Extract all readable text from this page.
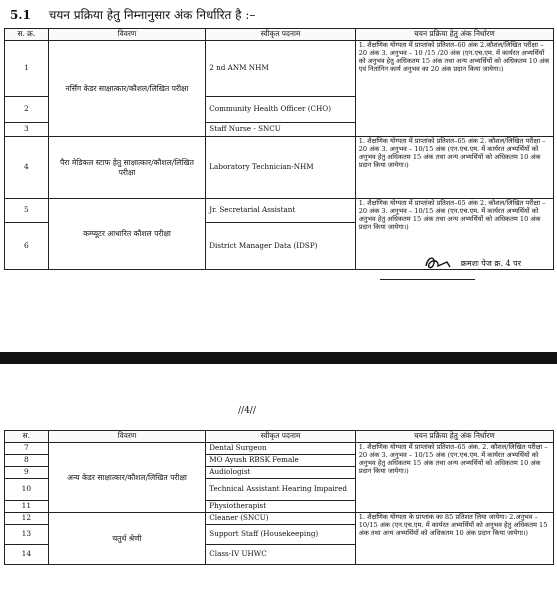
5.1 चयन प्रक्रिया हेतु निम्नानुसार अंक निर्धारित है :–
स. क्र.	विवरण	स्वीकृत पदनाम	चयन प्रक्रिया हेतु अंक निर्धारण
1	नर्सिंग केडर साक्षात्कार/कौशल/लिखित परीक्षा	2 nd ANM NHM	1. शैक्षणिक योग्यता में प्राप्तांको प्रतिशत–60 अंक 2.कौशल/लिखित परीक्षा – 20 अंक 3. अनुभव – 10 /15 /20 अंक (एन.एच.एम. में कार्यरत अभ्यर्थियों को अनुभव हेतु अधिकतम 15 अंक तथा अन्य अभ्यर्थियों को अधिकतम 10 अंक एवं नितांनिन कार्य अनुभव का 20 अंक प्रदान किया जायेगा।)
2		Community Health Officer (CHO)	
3		Staff Nurse - SNCU	
4	पैरा मेडिकल स्टाफ हेतु साक्षात्कार/कौशल/लिखित परीक्षा	Laboratory Technician-NHM	1. शैक्षणिक योग्यता में प्राप्तांको प्रतिशत–65 अंक 2. कौशल/लिखित परीक्षा – 20 अंक 3. अनुभव – 10/15 अंक (एन.एच.एम. में कार्यरत अभ्यर्थियों को अनुभव हेतु अधिकतम 15 अंक तथा अन्य अभ्यर्थियों को अधिकतम 10 अंक प्रदान किया जायेगा।)
5	कम्प्यूटर आधारित कौशल परीक्षा	Jr. Secretarial Assistant	1. शैक्षणिक योग्यता में प्राप्तांको प्रतिशत–65 अंक 2. कौशल/लिखित परीक्षा – 20 अंक 3. अनुभव – 10/15 अंक (एन.एच.एम. में कार्यरत अभ्यर्थियों को अनुभव हेतु अधिकतम 15 अंक तथा अन्य अभ्यर्थियों को अधिकतम 10 अंक प्रदान किया जायेगा।)
6		District Manager Data (IDSP)	
क्रमशः पेज क्र. 4 पर
//4//
स.	विवरण	स्वीकृत पदनाम	चयन प्रक्रिया हेतु अंक निर्धारण
7	अन्य केडर साक्षात्कार/कौशल/लिखित परीक्षा	Dental Surgeon	1. शैक्षणिक योग्यता में प्राप्तांको प्रतिशत–65 अंक. 2. कौशल/लिखित परीक्षा – 20 अंक 3. अनुभव – 10/15 अंक (एन.एच.एम. में कार्यरत अभ्यर्थियों को अनुभव हेतु अधिकतम 15 अंक तथा अन्य अभ्यर्थियों को अधिकतम 10 अंक प्रदान किया जायेगा।)
8		MO Ayush RBSK Female	
9		Audiologist	
10		Technical Assistant Hearing Impaired	
11		Physiotherapist	
12	चतुर्थ श्रेणी	Cleaner (SNCU)	1. शैक्षणिक योग्यता के प्राप्तांक का 85 प्रतिशत लिया जायेगा। 2.अनुभव – 10/15 अंक (एन.एच.एम. में कार्यरत अभ्यर्थियों को अनुभव हेतु अधिकतम 15 अंक तथा अन्य अभ्यर्थियों को अधिकतम 10 अंक प्रदान किया जायेगा।)
13		Support Staff (Housekeeping)	
14		Class-IV UHWC	
